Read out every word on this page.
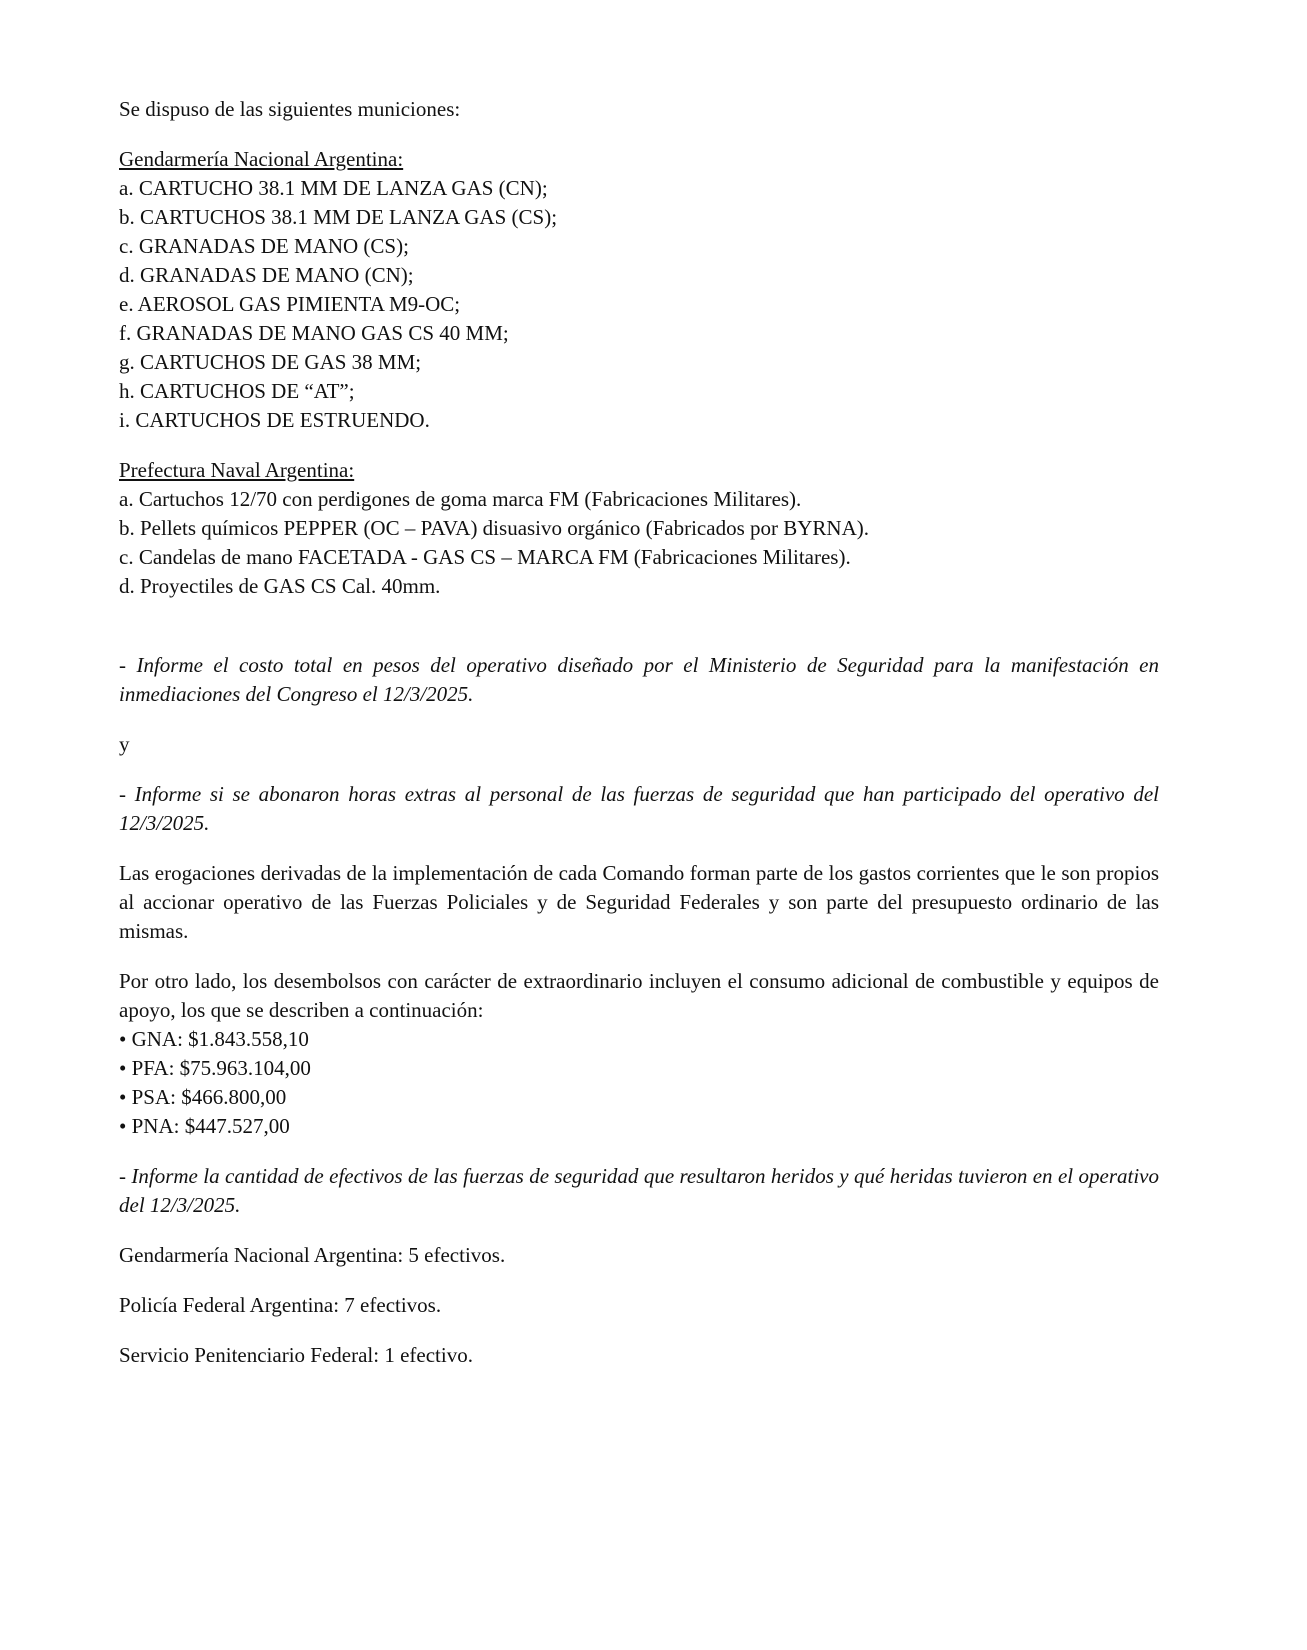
Se dispuso de las siguientes municiones:

Gendarmería Nacional Argentina:

a. CARTUCHO 38.1 MM DE LANZA GAS (CN);
b. CARTUCHOS 38.1 MM DE LANZA GAS (CS);
c. GRANADAS DE MANO (CS);
d. GRANADAS DE MANO (CN);
e. AEROSOL GAS PIMIENTA M9-OC;
f. GRANADAS DE MANO GAS CS 40 MM;
g. CARTUCHOS DE GAS 38 MM;
h. CARTUCHOS DE “AT”;
i. CARTUCHOS DE ESTRUENDO.

Prefectura Naval Argentina:

a. Cartuchos 12/70 con perdigones de goma marca FM (Fabricaciones Militares).
b. Pellets químicos PEPPER (OC – PAVA) disuasivo orgánico (Fabricados por BYRNA).
c. Candelas de mano FACETADA - GAS CS – MARCA FM (Fabricaciones Militares).
d. Proyectiles de GAS CS Cal. 40mm.

- Informe el costo total en pesos del operativo diseñado por el Ministerio de Seguridad para la manifestación en inmediaciones del Congreso el 12/3/2025.

y

- Informe si se abonaron horas extras al personal de las fuerzas de seguridad que han participado del operativo del 12/3/2025.

Las erogaciones derivadas de la implementación de cada Comando forman parte de los gastos corrientes que le son propios al accionar operativo de las Fuerzas Policiales y de Seguridad Federales y son parte del presupuesto ordinario de las mismas.

Por otro lado, los desembolsos con carácter de extraordinario incluyen el consumo adicional de combustible y equipos de apoyo, los que se describen a continuación:

• GNA: $1.843.558,10
• PFA: $75.963.104,00
• PSA: $466.800,00
• PNA: $447.527,00

- Informe la cantidad de efectivos de las fuerzas de seguridad que resultaron heridos y qué heridas tuvieron en el operativo del 12/3/2025.

Gendarmería Nacional Argentina: 5 efectivos.

Policía Federal Argentina: 7 efectivos.

Servicio Penitenciario Federal: 1 efectivo.
